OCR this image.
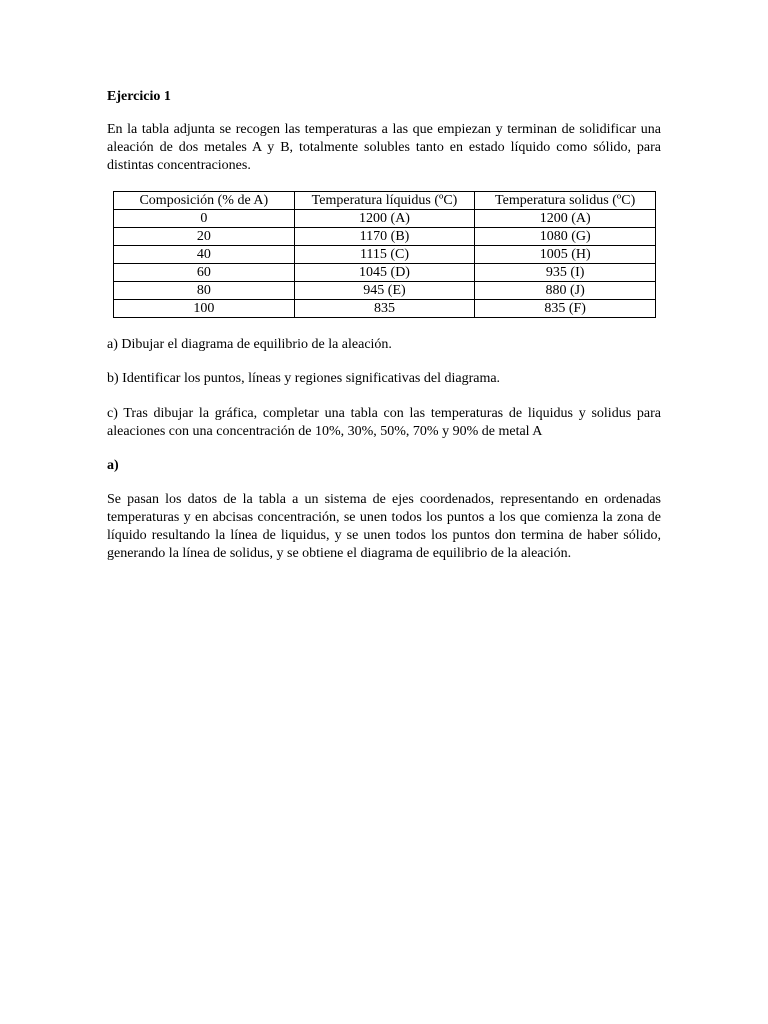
Ejercicio 1

En la tabla adjunta se recogen las temperaturas a las que empiezan y terminan de solidificar una aleación de dos metales A y B, totalmente solubles tanto en estado líquido como sólido, para distintas concentraciones.

Composición (% de A)	Temperatura líquidus (ºC)	Temperatura solidus (ºC)
0	1200 (A)	1200 (A)
20	1170 (B)	1080 (G)
40	1115 (C)	1005 (H)
60	1045 (D)	935 (I)
80	945 (E)	880 (J)
100	835	835 (F)

a) Dibujar el diagrama de equilibrio de la aleación.

b) Identificar los puntos, líneas y regiones significativas del diagrama.

c) Tras dibujar la gráfica, completar una tabla con las temperaturas de liquidus y solidus para aleaciones con una concentración de 10%, 30%, 50%, 70% y 90% de metal A

a)

Se pasan los datos de la tabla a un sistema de ejes coordenados, representando en ordenadas temperaturas y en abcisas concentración, se unen todos los puntos a los que comienza la zona de líquido resultando la línea de liquidus, y se unen todos los puntos don termina de haber sólido, generando la línea de solidus, y se obtiene el diagrama de equilibrio de la aleación.
